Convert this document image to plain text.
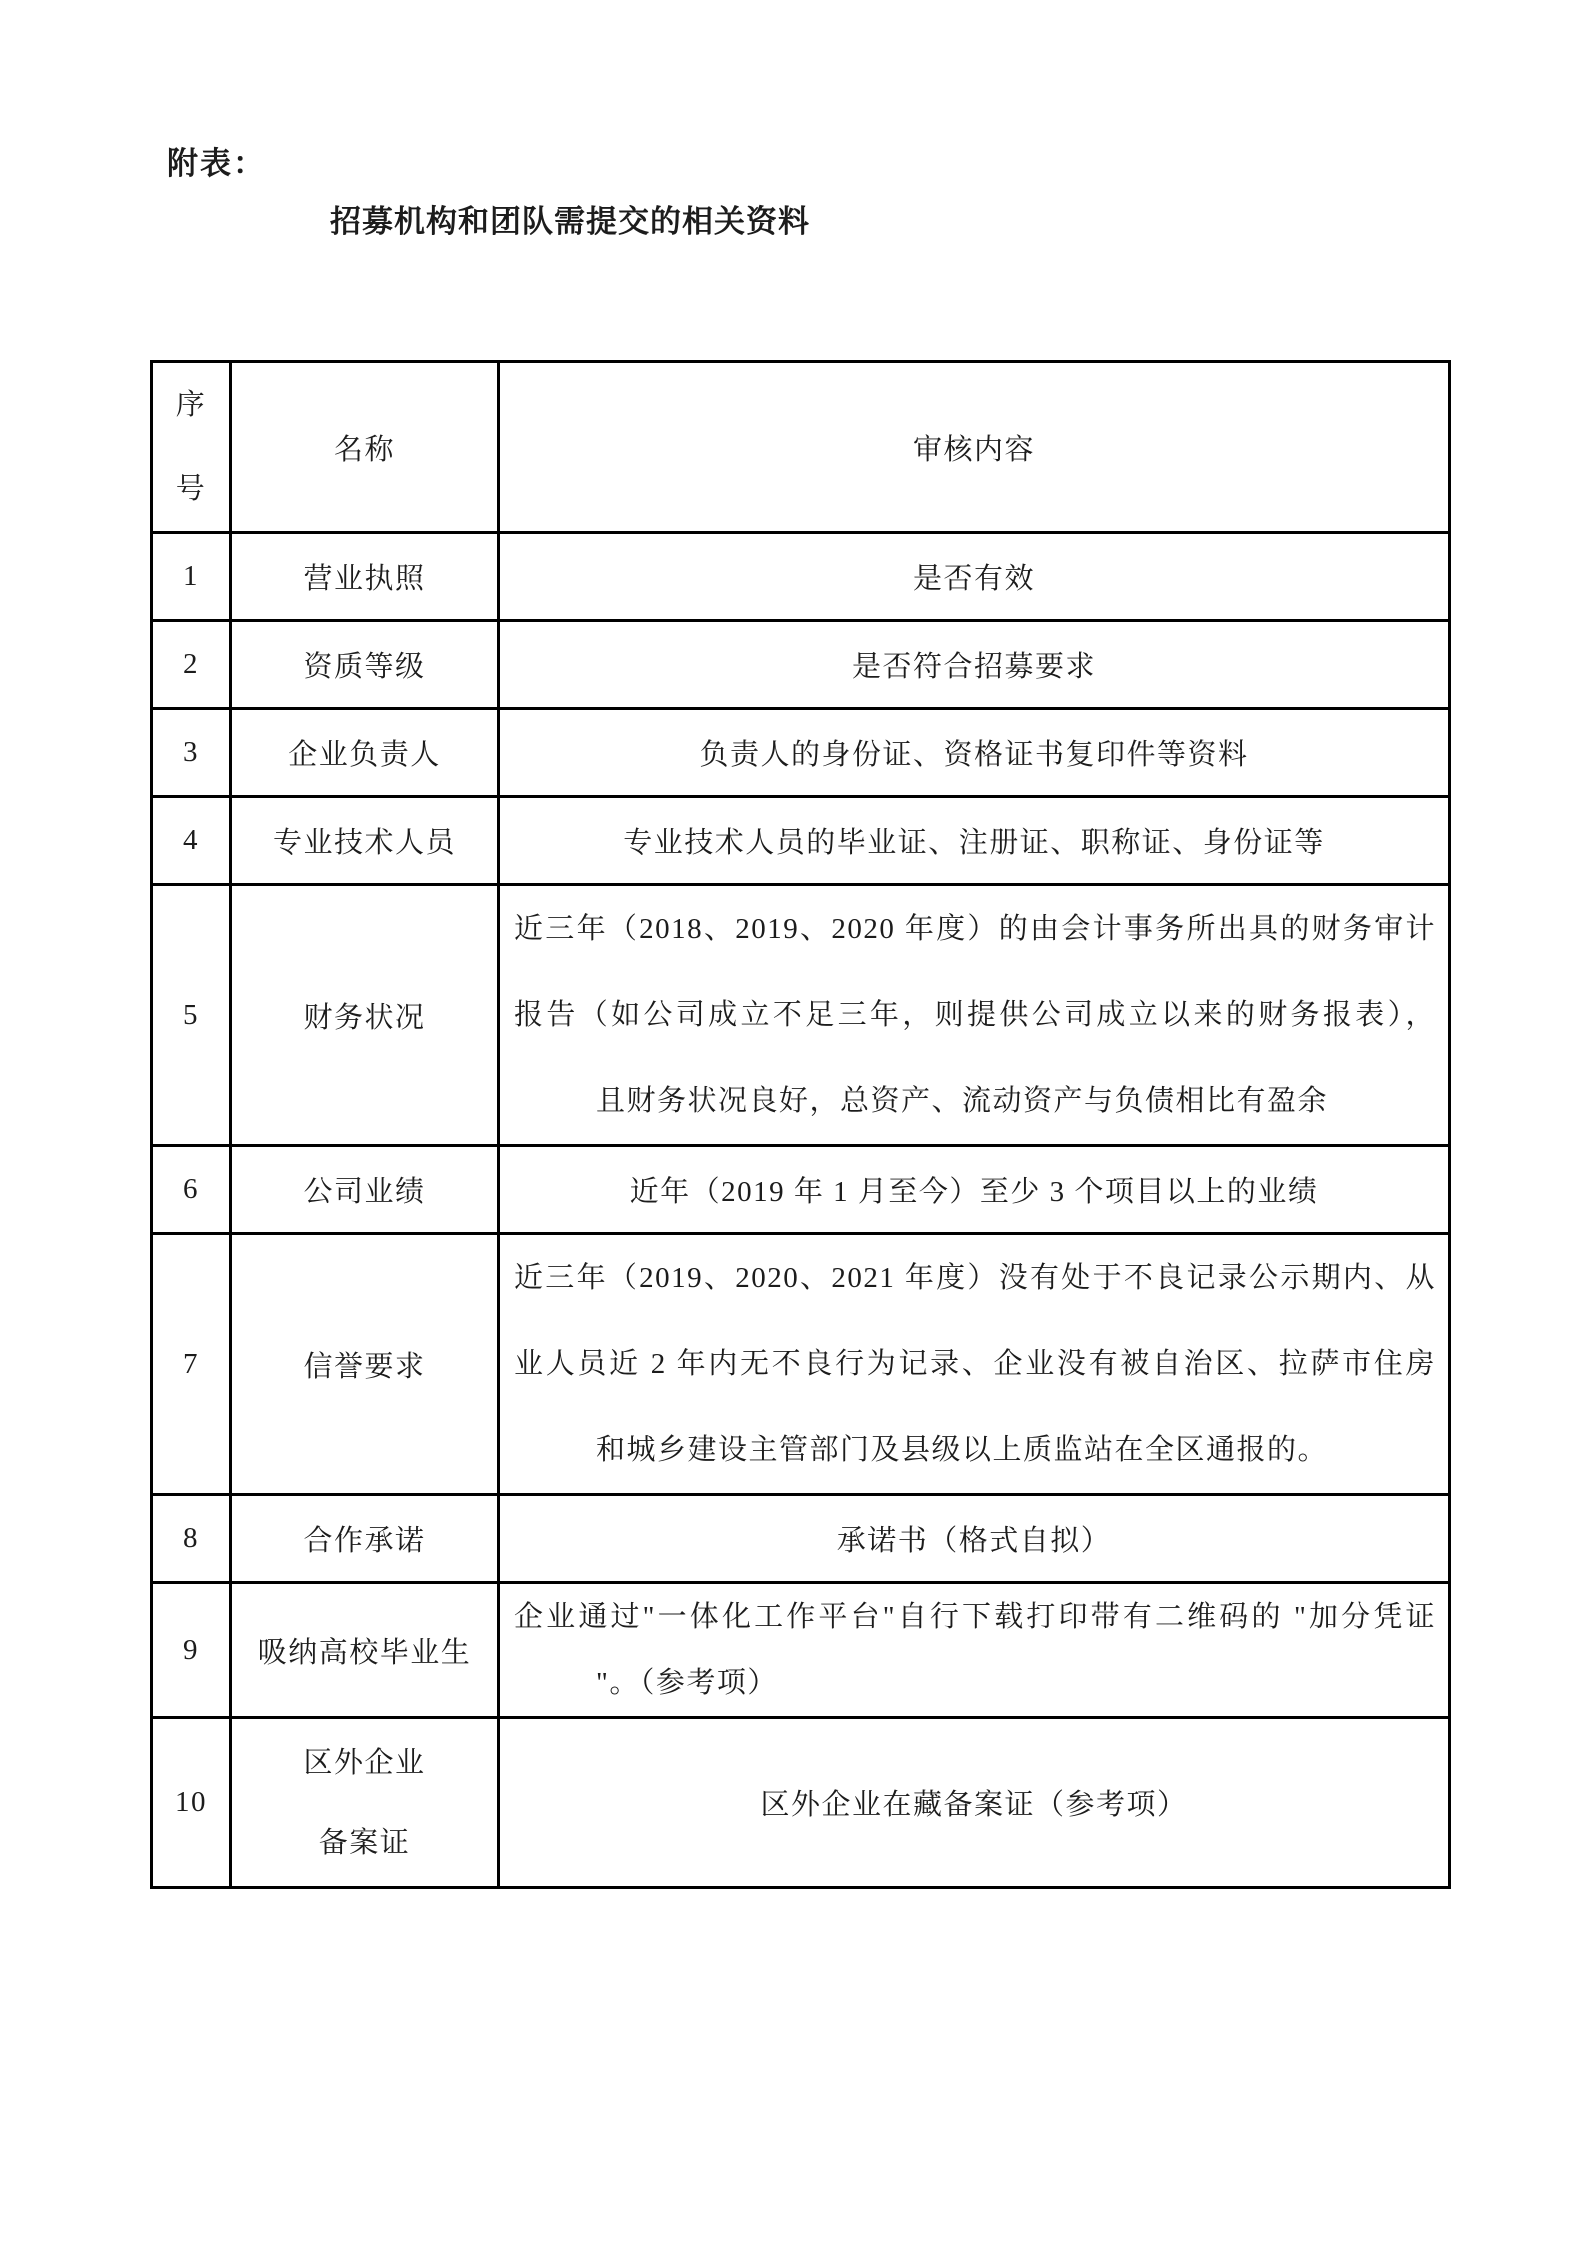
附表：
招募机构和团队需提交的相关资料
序
号	名称	审核内容
1	营业执照	是否有效
2	资质等级	是否符合招募要求
3	企业负责人	负责人的身份证、资格证书复印件等资料
4	专业技术人员	专业技术人员的毕业证、注册证、职称证、身份证等
5	财务状况	近三年（2018、2019、2020 年度）的由会计事务所出具的财务审计
报告（如公司成立不足三年，则提供公司成立以来的财务报表），
且财务状况良好，总资产、流动资产与负债相比有盈余

6	公司业绩	近年（2019 年 1 月至今）至少 3 个项目以上的业绩
7	信誉要求	近三年（2019、2020、2021 年度）没有处于不良记录公示期内、从
业人员近 2 年内无不良行为记录、企业没有被自治区、拉萨市住房
和城乡建设主管部门及县级以上质监站在全区通报的。

8	合作承诺	承诺书（格式自拟）
9	吸纳高校毕业生	企业通过"一体化工作平台"自行下载打印带有二维码的 "加分凭证
"。（参考项）

10	区外企业
备案证	区外企业在藏备案证（参考项）
